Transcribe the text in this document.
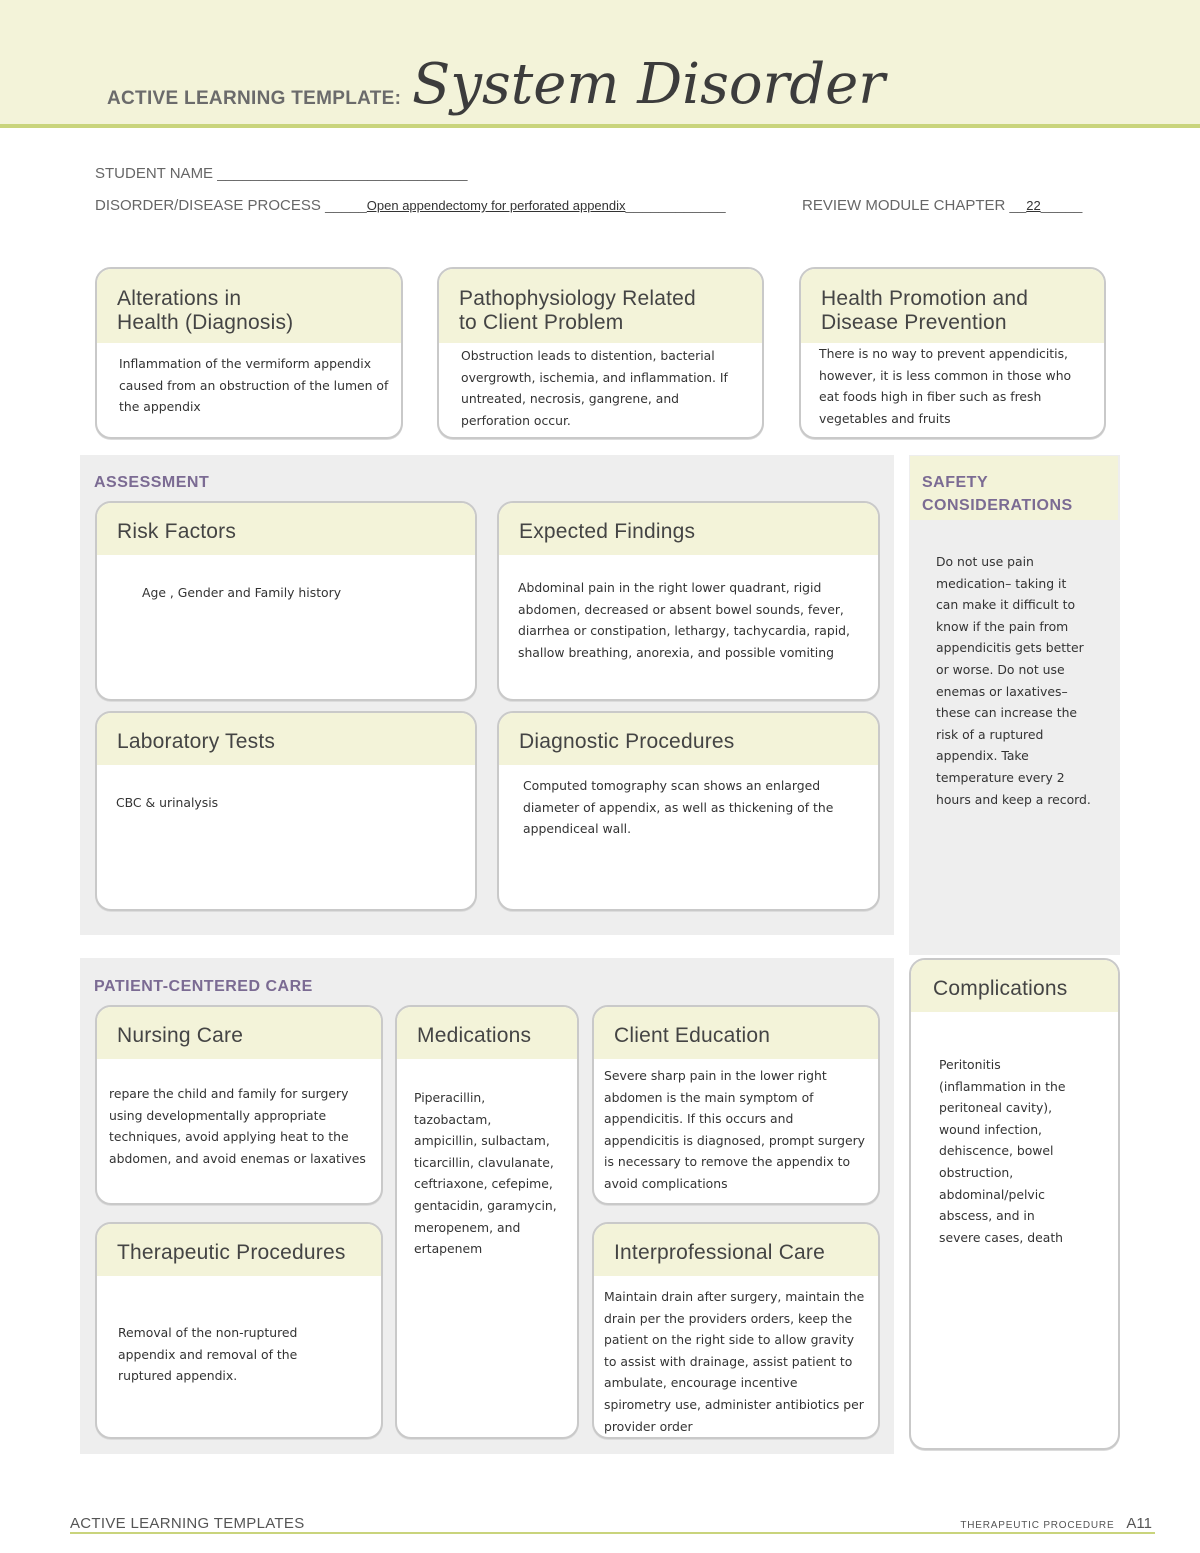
ACTIVE LEARNING TEMPLATE: System Disorder
STUDENT NAME ______________________________
DISORDER/DISEASE PROCESS _____Open appendectomy for perforated appendix____________	REVIEW MODULE CHAPTER __22_____
Alterations in
Health (Diagnosis)
Inflammation of the vermiform appendix caused from an obstruction of the lumen of the appendix
Pathophysiology Related
to Client Problem
Obstruction leads to distention, bacterial overgrowth, ischemia, and inflammation. If untreated, necrosis, gangrene, and perforation occur.
Health Promotion and
Disease Prevention
There is no way to prevent appendicitis, however, it is less common in those who eat foods high in fiber such as fresh vegetables and fruits
ASSESSMENT
Risk Factors
Age , Gender and Family history
Expected Findings
Abdominal pain in the right lower quadrant, rigid abdomen, decreased or absent bowel sounds, fever, diarrhea or constipation, lethargy, tachycardia, rapid, shallow breathing, anorexia, and possible vomiting
Laboratory Tests
CBC & urinalysis
Diagnostic Procedures
Computed tomography scan shows an enlarged diameter of appendix, as well as thickening of the appendiceal wall.
SAFETY
CONSIDERATIONS
Do not use pain medication– taking it can make it difficult to know if the pain from appendicitis gets better or worse. Do not use enemas or laxatives– these can increase the risk of a ruptured appendix. Take temperature every 2 hours and keep a record.
PATIENT-CENTERED CARE
Nursing Care
repare the child and family for surgery using developmentally appropriate techniques, avoid applying heat to the abdomen, and avoid enemas or laxatives
Medications
Piperacillin, tazobactam, ampicillin, sulbactam, ticarcillin, clavulanate, ceftriaxone, cefepime, gentacidin, garamycin, meropenem, and ertapenem
Client Education
Severe sharp pain in the lower right abdomen is the main symptom of appendicitis. If this occurs and appendicitis is diagnosed, prompt surgery is necessary to remove the appendix to avoid complications
Therapeutic Procedures
Removal of the non-ruptured appendix and removal of the ruptured appendix.
Interprofessional Care
Maintain drain after surgery, maintain the drain per the providers orders, keep the patient on the right side to allow gravity to assist with drainage, assist patient to ambulate, encourage incentive spirometry use, administer antibiotics per provider order
Complications
Peritonitis (inflammation in the peritoneal cavity), wound infection, dehiscence, bowel obstruction, abdominal/pelvic abscess, and in severe cases, death
ACTIVE LEARNING TEMPLATES	THERAPEUTIC PROCEDURE A11
